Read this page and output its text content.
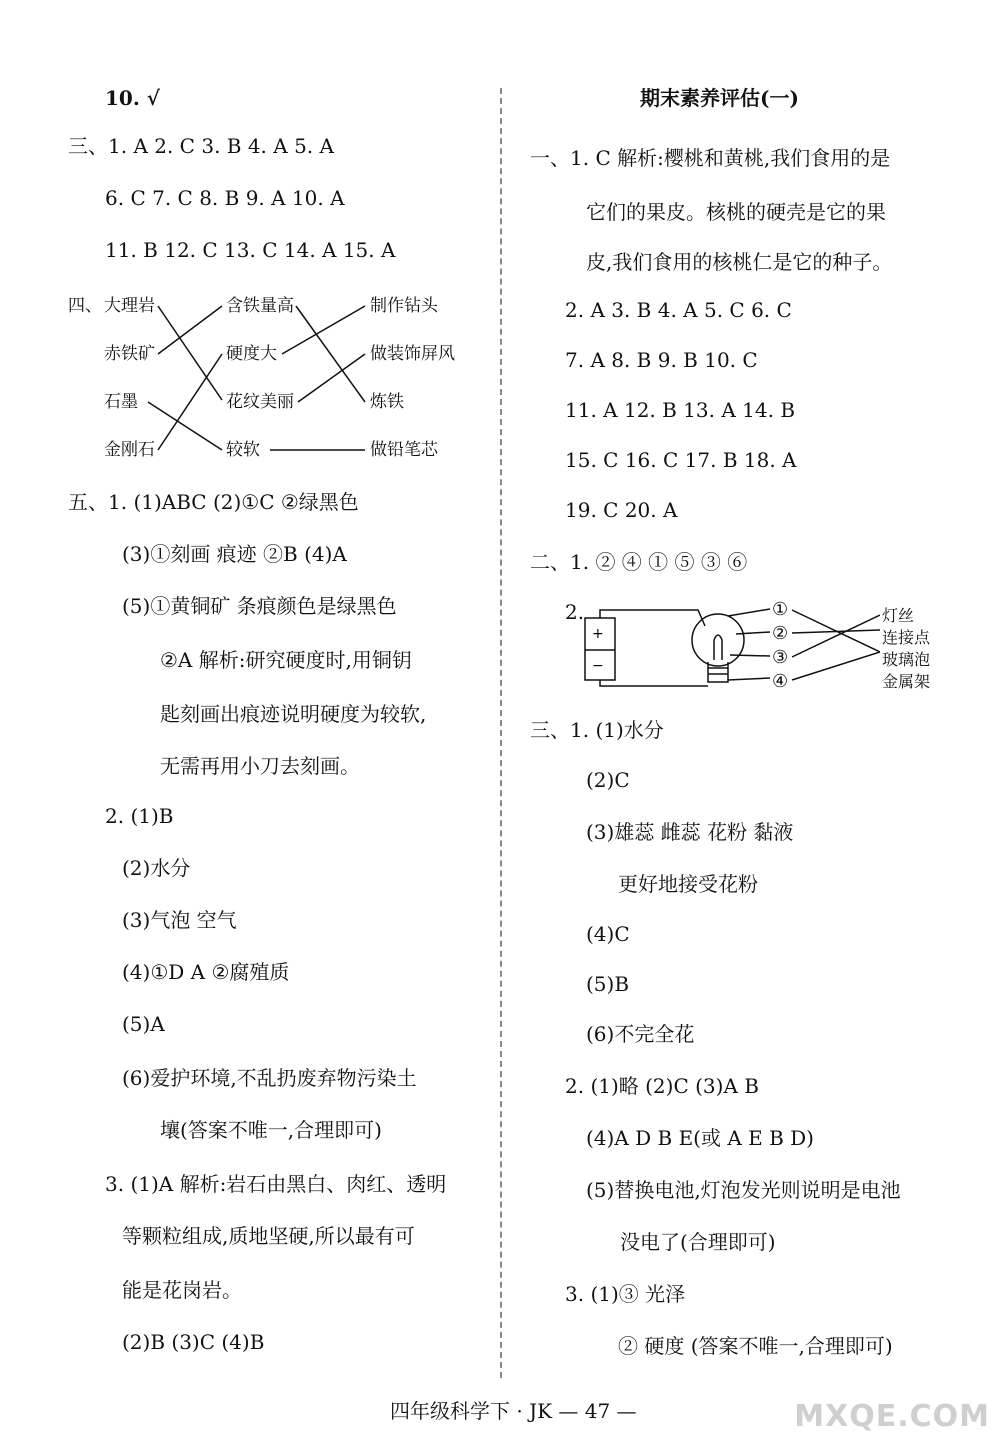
10. √
三、1. A 2. C 3. B 4. A 5. A
6. C 7. C 8. B 9. A 10. A
11. B 12. C 13. C 14. A 15. A
四、 大理岩
赤铁矿
石墨
金刚石
含铁量高
硬度大
花纹美丽
较软
制作钻头
做装饰屏风
炼铁
做铅笔芯
五、1. (1)ABC (2)①C ②绿黑色
(3)①刻画 痕迹 ②B (4)A
(5)①黄铜矿 条痕颜色是绿黑色
②A 解析:研究硬度时,用铜钥
匙刻画出痕迹说明硬度为较软,
无需再用小刀去刻画。
2. (1)B
(2)水分
(3)气泡 空气
(4)①D A ②腐殖质
(5)A
(6)爱护环境,不乱扔废弃物污染土
壤(答案不唯一,合理即可)
3. (1)A 解析:岩石由黑白、肉红、透明
等颗粒组成,质地坚硬,所以最有可
能是花岗岩。
(2)B (3)C (4)B
期末素养评估(一)
一、1. C 解析:樱桃和黄桃,我们食用的是
它们的果皮。核桃的硬壳是它的果
皮,我们食用的核桃仁是它的种子。
2. A 3. B 4. A 5. C 6. C
7. A 8. B 9. B 10. C
11. A 12. B 13. A 14. B
15. C 16. C 17. B 18. A
19. C 20. A
二、1. ② ④ ① ⑤ ③ ⑥
2.
+
−
①
②
③
④
灯丝
连接点
玻璃泡
金属架
三、1. (1)水分
(2)C
(3)雄蕊 雌蕊 花粉 黏液
更好地接受花粉
(4)C
(5)B
(6)不完全花
2. (1)略 (2)C (3)A B
(4)A D B E(或 A E B D)
(5)替换电池,灯泡发光则说明是电池
没电了(合理即可)
3. (1)③ 光泽
② 硬度 (答案不唯一,合理即可)
四年级科学下 · JK — 47 —	MXQE.COM
